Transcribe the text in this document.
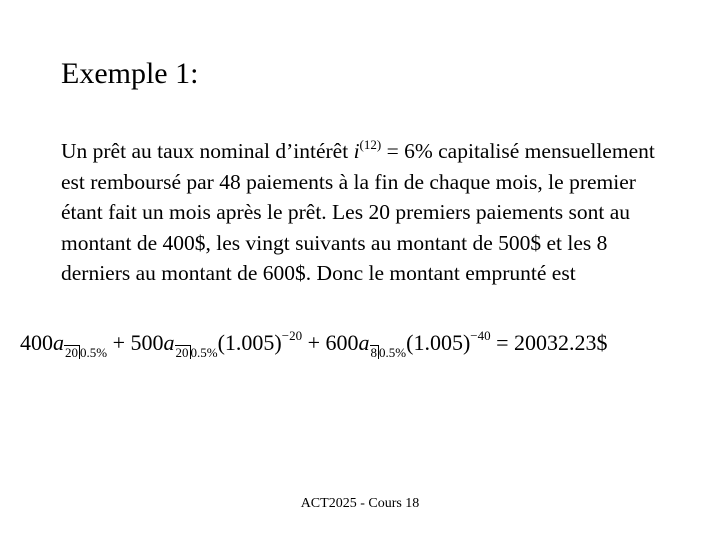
Exemple 1:
Un prêt au taux nominal d’intérêt $i^{(12)} = 6\%$ capitalisé mensuellement est remboursé par 48 paiements à la fin de chaque mois, le premier étant fait un mois après le prêt. Les 20 premiers paiements sont au montant de 400$, les vingt suivants au montant de 500$ et les 8 derniers au montant de 600$. Donc le montant emprunté est
$400a_{20 0.5\%} + 500a_{20 0.5\%}(1.005)^{-20} + 600a_{8 0.5\%}(1.005)^{-40}$ = 20032.23$
ACT2025 - Cours 18
